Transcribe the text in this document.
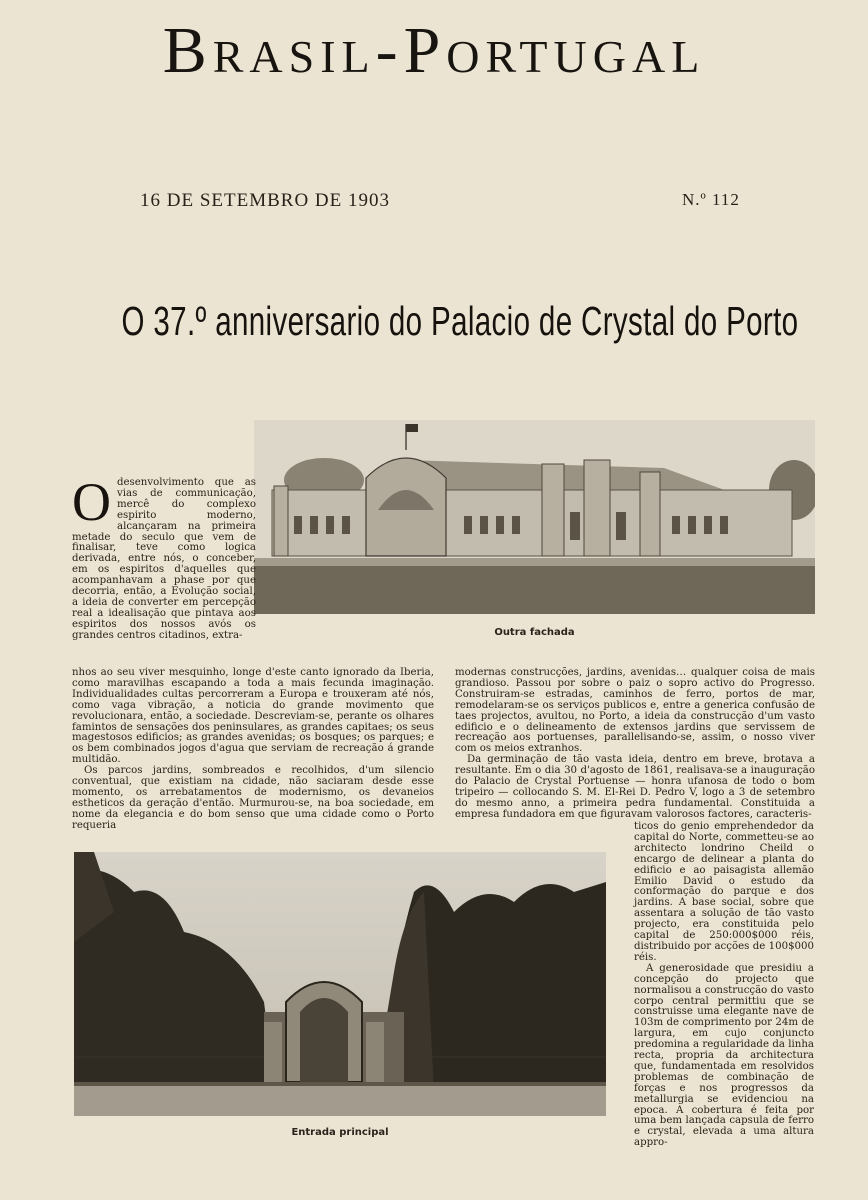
Brasil-Portugal
16 DE SETEMBRO DE 1903	N.º 112
O 37.º anniversario do Palacio de Crystal do Porto
Outra fachada

Odesenvolvimento que as vias de communicação, mercê do complexo espirito moderno, alcançaram na primeira metade do seculo que vem de finalisar, teve como logica derivada, entre nós, o conceber, em os espiritos d'aquelles que acompanhavam a phase por que decorria, então, a Evolução social, a ideia de converter em percepção real a idealisação que pintava aos espiritos dos nossos avós os grandes centros citadinos, extra-

nhos ao seu viver mesquinho, longe d'este canto ignorado da Iberia, como maravilhas escapando a toda a mais fecunda imaginação. Individualidades cultas percorreram a Europa e trouxeram até nós, como vaga vibração, a noticia do grande movimento que revolucionara, então, a sociedade. Descreviam-se, perante os olhares famintos de sensações dos peninsulares, as grandes capitaes; os seus magestosos edificios; as grandes avenidas; os bosques; os parques; e os bem combinados jogos d'agua que serviam de recreação á grande multidão.

Os parcos jardins, sombreados e recolhidos, d'um silencio conventual, que existiam na cidade, não saciaram desde esse momento, os arrebatamentos de modernismo, os devaneios estheticos da geração d'então. Murmurou-se, na boa sociedade, em nome da elegancia e do bom senso que uma cidade como o Porto requeria

modernas construcções, jardins, avenidas… qualquer coisa de mais grandioso. Passou por sobre o paiz o sopro activo do Progresso. Construiram-se estradas, caminhos de ferro, portos de mar, remodelaram-se os serviços publicos e, entre a generica confusão de taes projectos, avultou, no Porto, a ideia da construcção d'um vasto edificio e o delineamento de extensos jardins que servissem de recreação aos portuenses, parallelisando-se, assim, o nosso viver com os meios extranhos.

Da germinação de tão vasta ideia, dentro em breve, brotava a resultante. Em o dia 30 d'agosto de 1861, realisava-se a inauguração do Palacio de Crystal Portuense — honra ufanosa de todo o bom tripeiro — collocando S. M. El-Rei D. Pedro V, logo a 3 de setembro do mesmo anno, a primeira pedra fundamental. Constituida a empresa fundadora em que figuravam valorosos factores, caracteris-

ticos do genio emprehendedor da capital do Norte, commetteu-se ao architecto londrino Cheild o encargo de delinear a planta do edificio e ao paisagista allemão Emilio David o estudo da conformação do parque e dos jardins. A base social, sobre que assentara a solução de tão vasto projecto, era constituida pelo capital de 250:000$000 réis, distribuido por acções de 100$000 réis.

A generosidade que presidiu a concepção do projecto que normalisou a construcção do vasto corpo central permittiu que se construisse uma elegante nave de 103m de comprimento por 24m de largura, em cujo conjuncto predomina a regularidade da linha recta, propria da architectura que, fundamentada em resolvidos problemas de combinação de forças e nos progressos da metallurgia se evidenciou na epoca. A cobertura é feita por uma bem lançada capsula de ferro e crystal, elevada a uma altura appro-

Entrada principal
